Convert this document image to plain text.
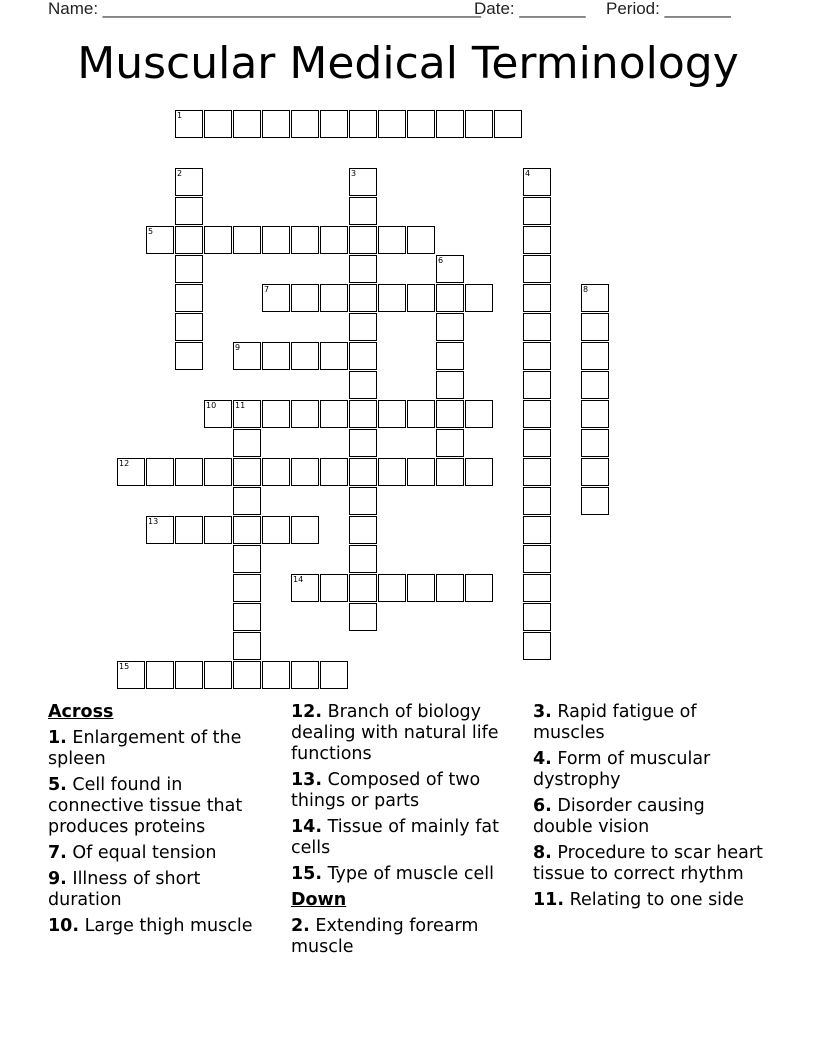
Name: ________________________________________
Date: _______ Period: _______
Muscular Medical Terminology
1
2	3	4
5
6
7	8
9
10 11
12
13
14
15
Across
1. Enlargement of the spleen
5. Cell found in connective tissue that produces proteins
7. Of equal tension
9. Illness of short duration
10. Large thigh muscle
12. Branch of biology dealing with natural life functions
13. Composed of two things or parts
14. Tissue of mainly fat cells
15. Type of muscle cell
Down
2. Extending forearm muscle
3. Rapid fatigue of muscles
4. Form of muscular dystrophy
6. Disorder causing double vision
8. Procedure to scar heart tissue to correct rhythm
11. Relating to one side
